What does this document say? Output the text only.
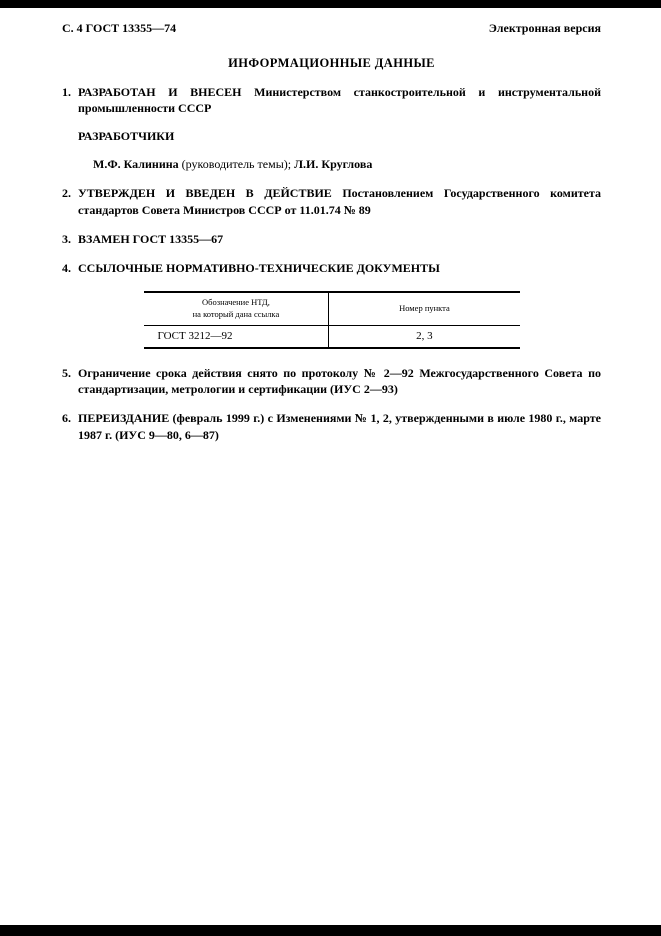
С. 4 ГОСТ 13355—74	Электронная версия
ИНФОРМАЦИОННЫЕ ДАННЫЕ

1. РАЗРАБОТАН И ВНЕСЕН Министерством станкостроительной и инструментальной промышленности СССР

РАЗРАБОТЧИКИ

М.Ф. Калинина (руководитель темы); Л.И. Круглова

2. УТВЕРЖДЕН И ВВЕДЕН В ДЕЙСТВИЕ Постановлением Государственного комитета стандартов Совета Министров СССР от 11.01.74 № 89

3. ВЗАМЕН ГОСТ 13355—67

4. ССЫЛОЧНЫЕ НОРМАТИВНО-ТЕХНИЧЕСКИЕ ДОКУМЕНТЫ

Обозначение НТД,
на который дана ссылка	Номер пункта
ГОСТ 3212—92	2, 3

5. Ограничение срока действия снято по протоколу № 2—92 Межгосударственного Совета по стандартизации, метрологии и сертификации (ИУС 2—93)

6. ПЕРЕИЗДАНИЕ (февраль 1999 г.) с Изменениями № 1, 2, утвержденными в июле 1980 г., марте 1987 г. (ИУС 9—80, 6—87)
